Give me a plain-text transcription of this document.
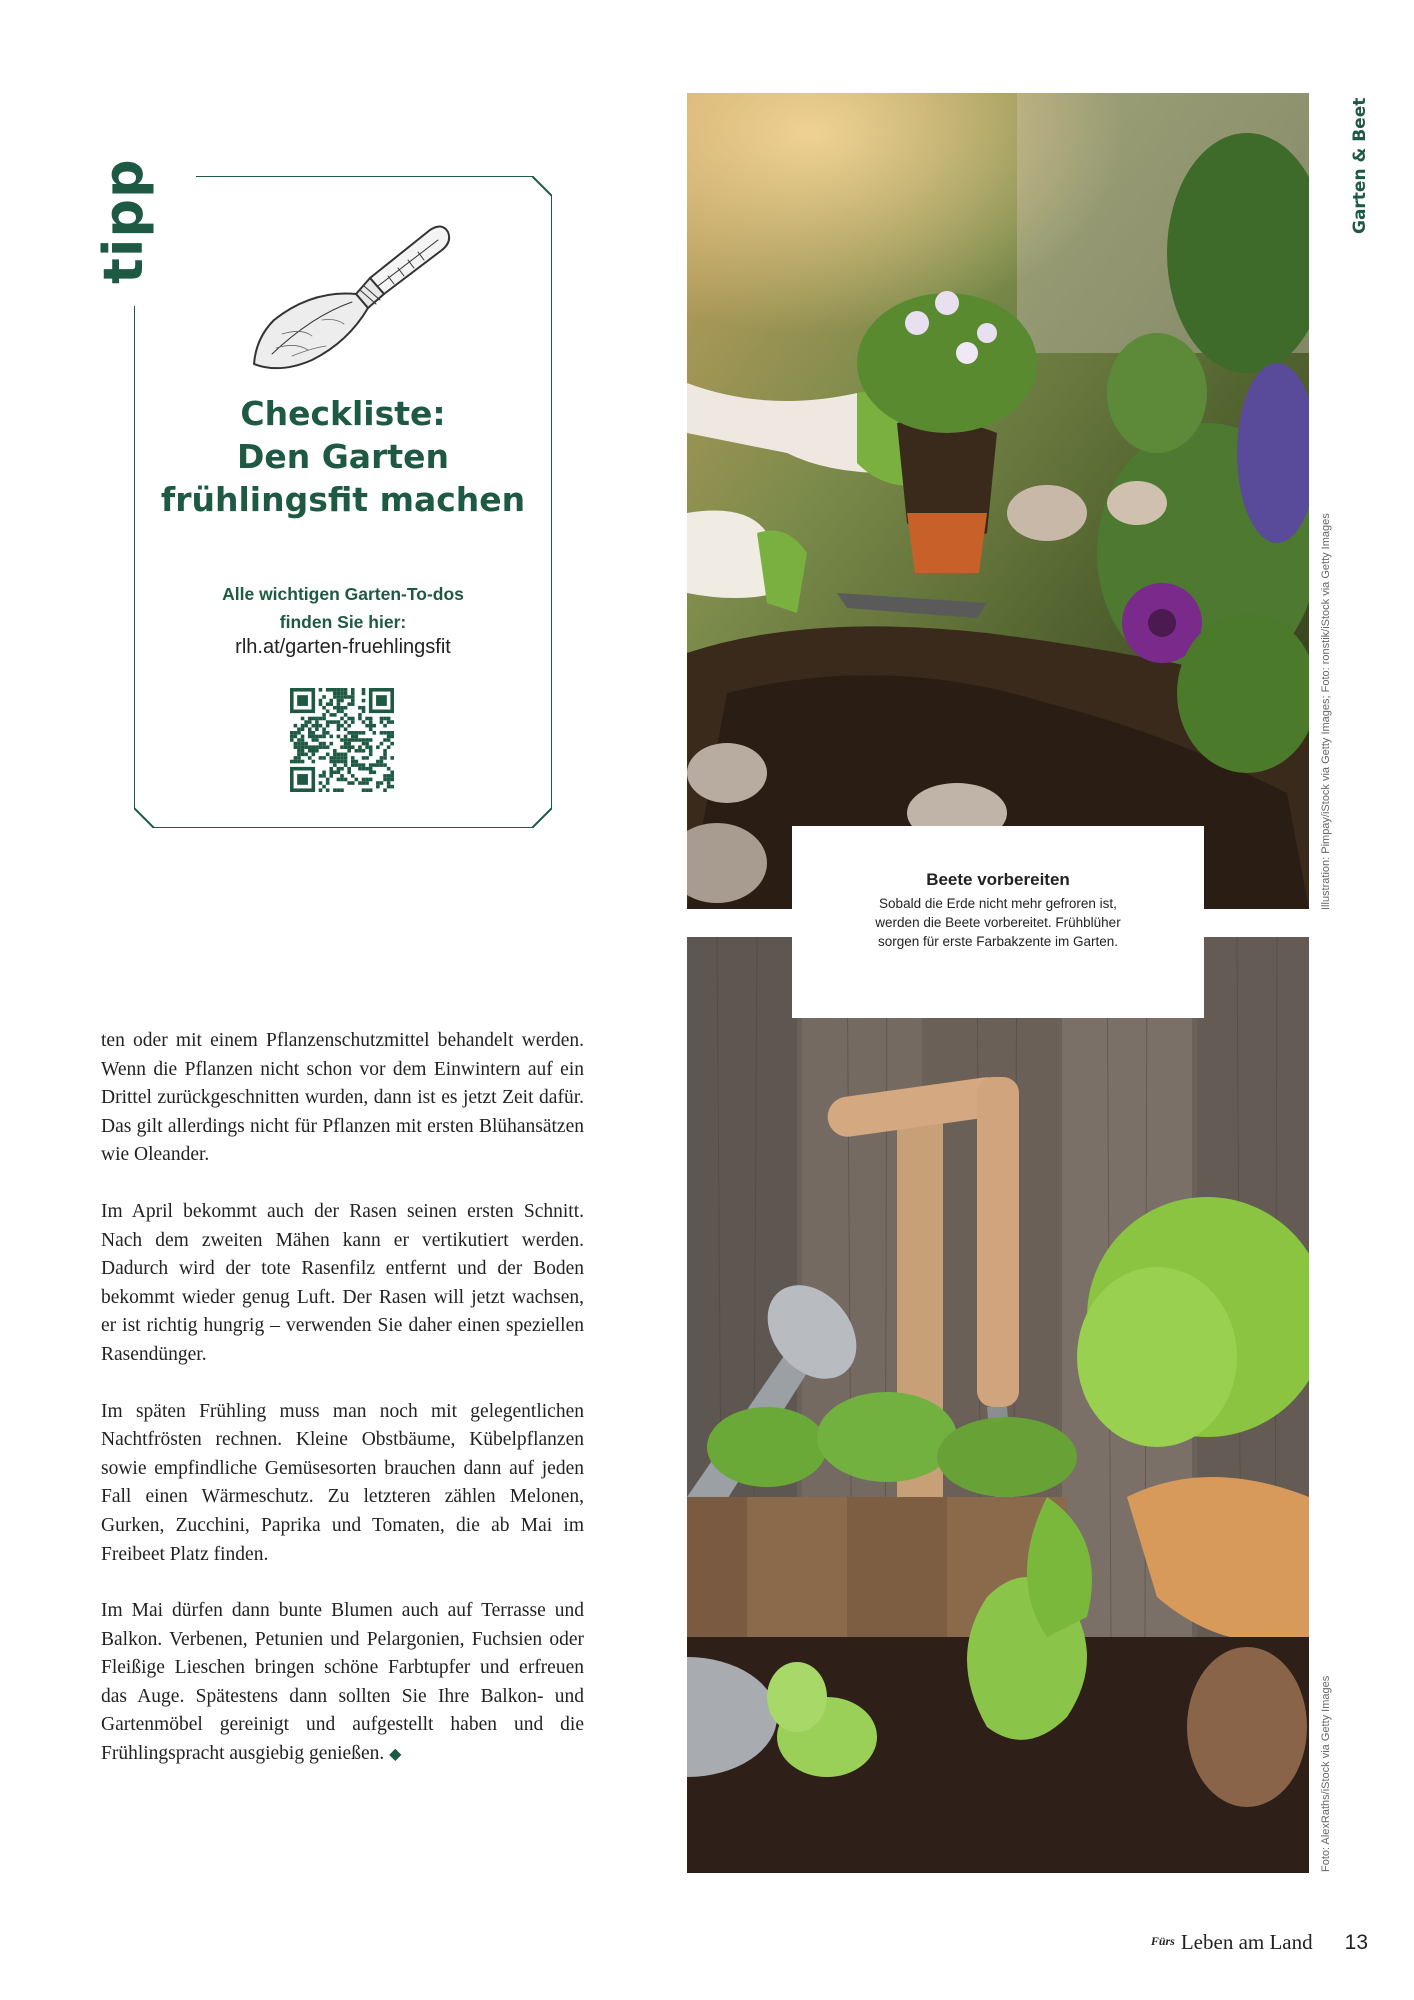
tipp
Checkliste:
Den Garten
frühlingsfit machen
Alle wichtigen Garten-To-dos
finden Sie hier:
rlh.at/garten-fruehlingsfit
Garten & Beet
Illustration: Pimpay/iStock via Getty Images; Foto: ronstik/iStock via Getty Images
Foto: AlexRaths/iStock via Getty Images
Beete vorbereiten
Sobald die Erde nicht mehr gefroren ist, werden die Beete vorbereitet. Frühblüher sorgen für erste Farbakzente im Garten.

ten oder mit einem Pflanzenschutzmittel behandelt werden. Wenn die Pflanzen nicht schon vor dem Einwintern auf ein Drittel zurückgeschnitten wurden, dann ist es jetzt Zeit dafür. Das gilt allerdings nicht für Pflanzen mit ersten Blühansätzen wie Oleander.

Im April bekommt auch der Rasen seinen ersten Schnitt. Nach dem zweiten Mähen kann er vertikutiert werden. Dadurch wird der tote Rasenfilz entfernt und der Boden bekommt wieder genug Luft. Der Rasen will jetzt wachsen, er ist richtig hungrig – verwenden Sie daher einen speziellen Rasendünger.

Im späten Frühling muss man noch mit gelegentlichen Nachtfrösten rechnen. Kleine Obstbäume, Kübelpflanzen sowie empfindliche Gemüsesorten brauchen dann auf jeden Fall einen Wärmeschutz. Zu letzteren zählen Melonen, Gurken, Zucchini, Paprika und Tomaten, die ab Mai im Freibeet Platz finden.

Im Mai dürfen dann bunte Blumen auch auf Terrasse und Balkon. Verbenen, Petunien und Pelargonien, Fuchsien oder Fleißige Lieschen bringen schöne Farbtupfer und erfreuen das Auge. Spätestens dann sollten Sie Ihre Balkon- und Gartenmöbel gereinigt und aufgestellt haben und die Frühlingspracht ausgiebig genießen. ◆

Fürs Leben am Land 13
